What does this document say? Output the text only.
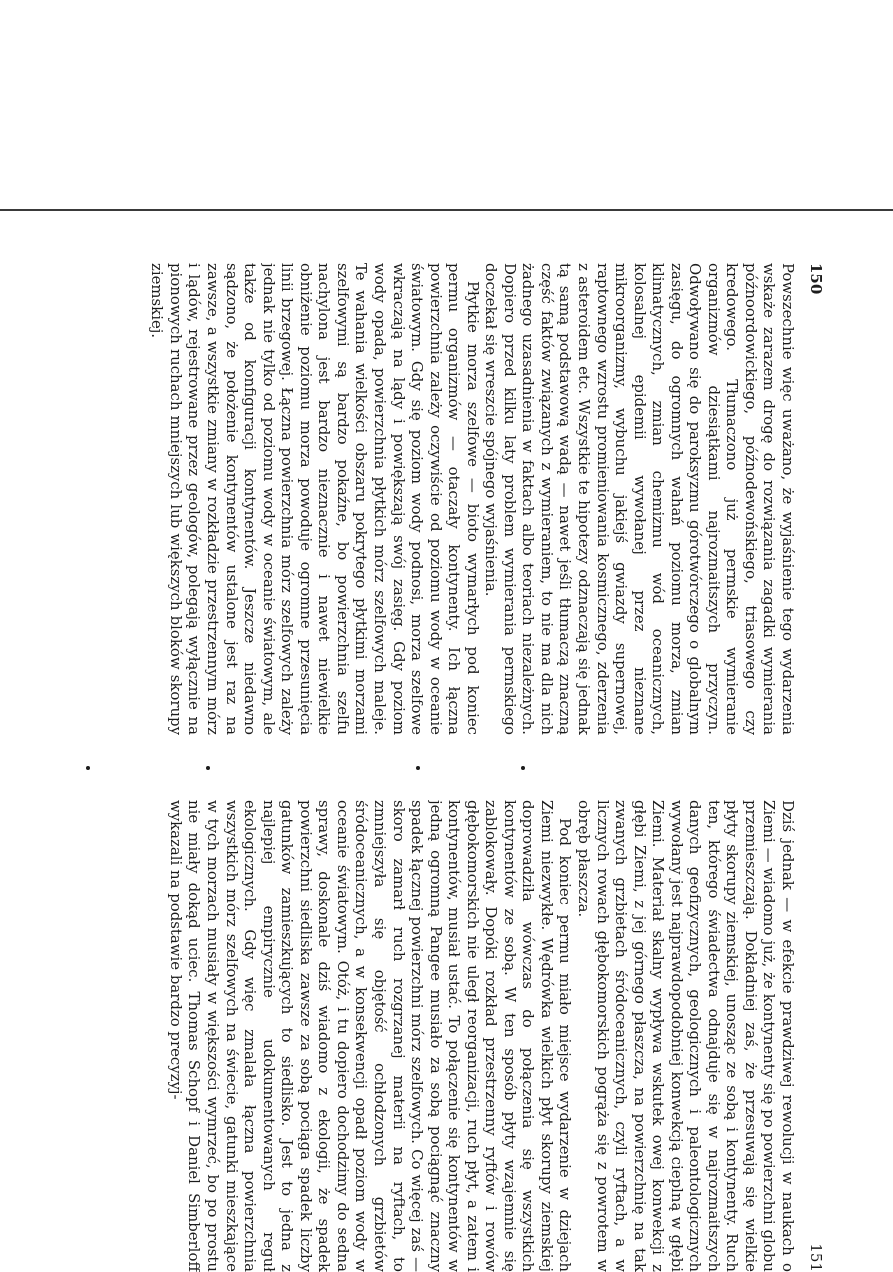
150

Powszechnie więc uważano, że wyjaśnienie tego wydarzenia wskaże zarazem drogę do rozwiązania zagadki wymierania późnoordowickiego, późnodewońskiego, triasowego czy kredowego. Tłumaczono już permskie wymieranie organizmów dziesiątkami najrozmaitszych przyczyn. Odwoływano się do paroksyzmu górotwórczego o globalnym zasięgu, do ogromnych wahań poziomu morza, zmian klimatycznych, zmian chemizmu wód oceanicznych, kolosalnej epidemii wywołanej przez nieznane mikroorganizmy, wybuchu jakiejś gwiazdy supernowej, raptownego wzrostu promieniowania kosmicznego, zderzenia z asteroidem etc. Wszystkie te hipotezy odznaczają się jednak tą samą podstawową wadą — nawet jeśli tłumaczą znaczną część faktów związanych z wymieraniem, to nie ma dla nich żadnego uzasadnienia w faktach albo teoriach niezależnych. Dopiero przed kilku laty problem wymierania permskiego doczekał się wreszcie spójnego wyjaśnienia.

Płytkie morza szelfowe — bioto wymarłych pod koniec permu organizmów — otaczały kontynenty. Ich łączna powierzchnia zależy oczywiście od poziomu wody w oceanie światowym. Gdy się poziom wody podnosi, morza szelfowe wkraczają na lądy i powiększają swój zasięg. Gdy poziom wody opada, powierzchnia płytkich mórz szelfowych maleje. Te wahania wielkości obszaru pokrytego płytkimi morzami szelfowymi są bardzo pokaźne, bo powierzchnia szelfu nachylona jest bardzo nieznacznie i nawet niewielkie obniżenie poziomu morza powoduje ogromne przesunięcia linii brzegowej. Łączna powierzchnia mórz szelfowych zależy jednak nie tylko od poziomu wody w oceanie światowym, ale także od konfiguracji kontynentów. Jeszcze niedawno sądzono, że położenie kontynentów ustalone jest raz na zawsze, a wszystkie zmiany w rozkładzie przestrzennym mórz i lądów, rejestrowane przez geologów, polegają wyłącznie na pionowych ruchach mniejszych lub większych bloków skorupy ziemskiej.

151

Dziś jednak — w efekcie prawdziwej rewolucji w naukach o Ziemi — wiadomo już, że kontynenty się po powierzchni globu przemieszczają. Dokładniej zaś, że przesuwają się wielkie płyty skorupy ziemskiej, unosząc ze sobą i kontynenty. Ruch ten, którego świadectwa odnajduje się w najrozmaitszych danych geofizycznych, geologicznych i paleontologicznych wywołany jest najprawdopodobniej konwekcją cieplną w głębi Ziemi. Materiał skalny wypływa wskutek owej konwekcji z głębi Ziemi, z jej górnego płaszcza, na powierzchnię na tak zwanych grzbietach śródoceanicznych, czyli ryftach, a w licznych rowach głębokomorskich pogrąża się z powrotem w obręb płaszcza.

Pod koniec permu miało miejsce wydarzenie w dziejach Ziemi niezwykłe. Wędrówka wielkich płyt skorupy ziemskiej doprowadziła wówczas do połączenia się wszystkich kontynentów ze sobą. W ten sposób płyty wzajemnie się zablokowały. Dopóki rozkład przestrzenny ryftów i rowów głębokomorskich nie uległ reorganizacji, ruch płyt, a zatem i kontynentów, musiał ustać. To połączenie się kontynentów w jedną ogromną Pangee musiało za sobą pociągnąć znaczny spadek łącznej powierzchni mórz szelfowych. Co więcej zaś — skoro zamarł ruch rozgrzanej materii na ryftach, to zmniejszyła się objętość ochłodzonych grzbietów śródoceanicznych, a w konsekwencji opadł poziom wody w oceanie światowym. Otóż, i tu dopiero dochodzimy do sedna sprawy, doskonale dziś wiadomo z ekologii, że spadek powierzchni siedliska zawsze za sobą pociąga spadek liczby gatunków zamieszkujących to siedlisko. Jest to jedna z najlepiej empirycznie udokumentowanych reguł ekologicznych. Gdy więc zmalała łączna powierzchnia wszystkich mórz szelfowych na świecie, gatunki mieszkające w tych morzach musiały w większości wymrzeć, bo po prostu nie miały dokąd uciec. Thomas Schopf i Daniel Simberloff wykazali na podstawie bardzo precyzyj-
